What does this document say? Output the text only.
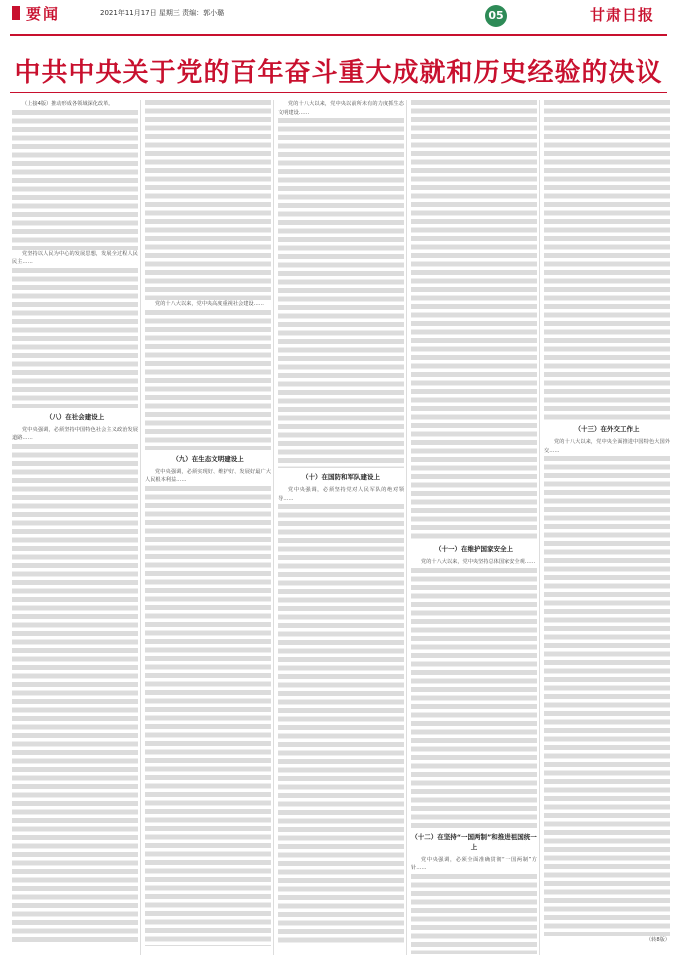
要闻	2021年11月17日 星期三 责编：郭小璐	05	甘肃日报
中共中央关于党的百年奋斗重大成就和历史经验的决议

（上接4版）推动形成各领域深化改革。

党坚持以人民为中心的发展思想，发展全过程人民民主……

（八）在社会建设上

党中央强调，必须坚持中国特色社会主义政治发展道路……

党的十八大以来，党中央高度重视社会建设……

（九）在生态文明建设上

党中央强调，必须实现好、维护好、发展好最广大人民根本利益……

党的十八大以来，党中央以前所未有的力度抓生态文明建设……

（十）在国防和军队建设上

党中央强调，必须坚持党对人民军队的绝对领导……

（十一）在维护国家安全上

党的十八大以来，党中央坚持总体国家安全观……

（十二）在坚持“一国两制”和推进祖国统一上

党中央强调，必须全面准确贯彻“一国两制”方针……

（十三）在外交工作上

党的十八大以来，党中央全面推进中国特色大国外交……

（转8版）
